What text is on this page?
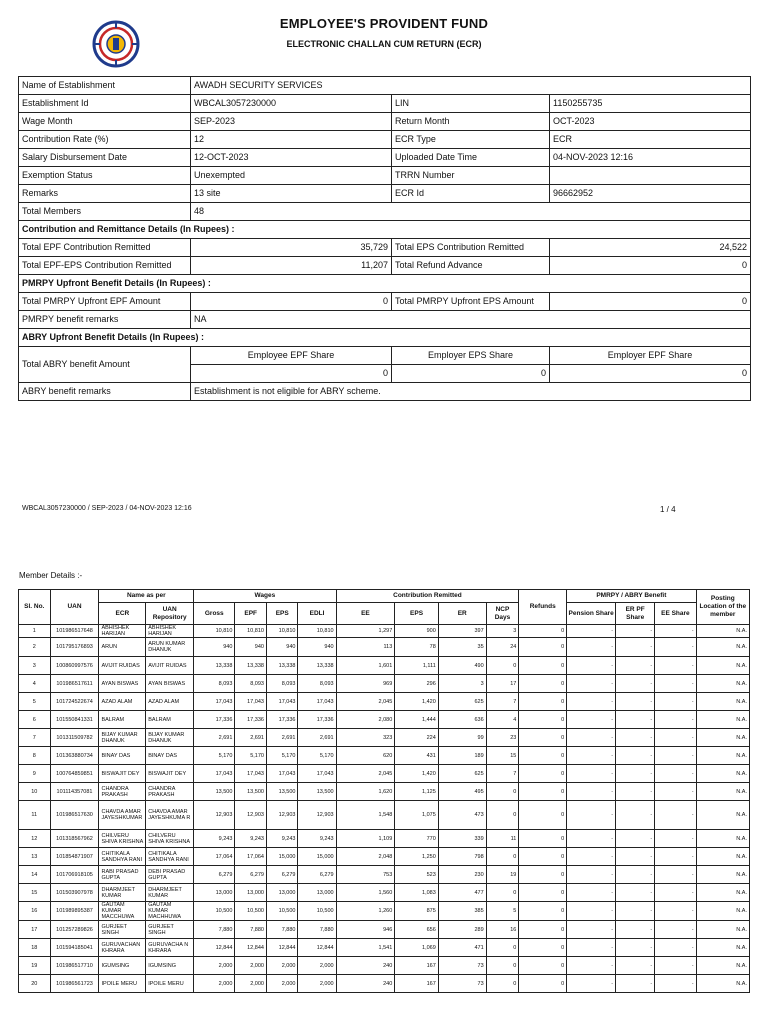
EMPLOYEE'S PROVIDENT FUND
ELECTRONIC CHALLAN CUM RETURN (ECR)
Name of Establishment	AWADH SECURITY SERVICES		
Establishment Id	WBCAL3057230000	LIN	1150255735
Wage Month	SEP-2023	Return Month	OCT-2023
Contribution Rate (%)	12	ECR Type	ECR
Salary Disbursement Date	12-OCT-2023	Uploaded Date Time	04-NOV-2023 12:16
Exemption Status	Unexempted	TRRN Number	
Remarks	13 site	ECR Id	96662952
Total Members	48		
Contribution and Remittance Details (In Rupees) :			
Total EPF Contribution Remitted	35,729	Total EPS Contribution Remitted	24,522
Total EPF-EPS Contribution Remitted	11,207	Total Refund Advance	0
PMRPY Upfront Benefit Details (In Rupees) :			
Total PMRPY Upfront EPF Amount	0	Total PMRPY Upfront EPS Amount	0
PMRPY benefit remarks	NA		
ABRY Upfront Benefit Details (In Rupees) :			
Total ABRY benefit Amount	Employee EPF Share	Employer EPS Share	Employer EPF Share
	0	0	0
ABRY benefit remarks	Establishment is not eligible for ABRY scheme.		
WBCAL3057230000 / SEP-2023 / 04-NOV-2023 12:16	1 / 4
Member Details :-
Sl. No.	UAN	Name as per		Wages				Contribution Remitted				Refunds	PMRPY / ABRY Benefit			Posting Location of the member
		ECR	UAN Repository	Gross	EPF	EPS	EDLI	EE	EPS	ER	NCP Days		Pension Share	ER PF Share	EE Share	
1	101986517648	ABHISHEK HARIJAN	ABHISHEK HARIJAN	10,810	10,810	10,810	10,810	1,297	900	397	3	0	-	-	-	N.A.
2	101795176893	ARUN	ARUN KUMAR DHANUK	940	940	940	940	113	78	35	24	0	-	-	-	N.A.
3	100860997576	AVIJIT RUIDAS	AVIJIT RUIDAS	13,338	13,338	13,338	13,338	1,601	1,111	490	0	0	-	-	-	N.A.
4	101986517611	AYAN BISWAS	AYAN BISWAS	8,093	8,093	8,093	8,093	969	296	3	17	0	-	-	-	N.A.
5	101724522674	AZAD ALAM	AZAD ALAM	17,043	17,043	17,043	17,043	2,045	1,420	625	7	0	-	-	-	N.A.
6	101550841331	BALRAM	BALRAM	17,336	17,336	17,336	17,336	2,080	1,444	636	4	0	-	-	-	N.A.
7	101311509782	BIJAY KUMAR DHANUK	BIJAY KUMAR DHANUK	2,691	2,691	2,691	2,691	323	224	99	23	0	-	-	-	N.A.
8	101363880734	BINAY DAS	BINAY DAS	5,170	5,170	5,170	5,170	620	431	189	15	0	-	-	-	N.A.
9	100764859851	BISWAJIT DEY	BISWAJIT DEY	17,043	17,043	17,043	17,043	2,045	1,420	625	7	0	-	-	-	N.A.
10	101114357081	CHANDRA PRAKASH	CHANDRA PRAKASH	13,500	13,500	13,500	13,500	1,620	1,125	495	0	0	-	-	-	N.A.
11	101986517630	CHAVDA AMAR JAYESHKUMAR	CHAVDA AMAR JAYESHKUMA R	12,903	12,903	12,903	12,903	1,548	1,075	473	0	0	-	-	-	N.A.
12	101318567962	CHILVERU SHIVA KRISHNA	CHILVERU SHIVA KRISHNA	9,243	9,243	9,243	9,243	1,109	770	339	11	0	-	-	-	N.A.
13	101854871907	CHITIKALA SANDHYA RANI	CHITIKALA SANDHYA RANI	17,064	17,064	15,000	15,000	2,048	1,250	798	0	0	-	-	-	N.A.
14	101706918105	RABI PRASAD GUPTA	DEBI PRASAD GUPTA	6,279	6,279	6,279	6,279	753	523	230	19	0	-	-	-	N.A.
15	101503907978	DHARMJEET KUMAR	DHARMJEET KUMAR	13,000	13,000	13,000	13,000	1,560	1,083	477	0	0	-	-	-	N.A.
16	101989895387	GAUTAM KUMAR MACCHUWA	GAUTAM KUMAR MACHHUWA	10,500	10,500	10,500	10,500	1,260	875	385	5	0	-	-	-	N.A.
17	101257289826	GURJEET SINGH	GURJEET SINGH	7,880	7,880	7,880	7,880	946	656	289	16	0	-	-	-	N.A.
18	101594185041	GURUVACHAN KHRARA	GURUVACHA N KHRARA	12,844	12,844	12,844	12,844	1,541	1,069	471	0	0	-	-	-	N.A.
19	101986517710	IGUMSING	IGUMSING	2,000	2,000	2,000	2,000	240	167	73	0	0	-	-	-	N.A.
20	101986561723	IPOILE MERU	IPOILE MERU	2,000	2,000	2,000	2,000	240	167	73	0	0	-	-	-	N.A.
